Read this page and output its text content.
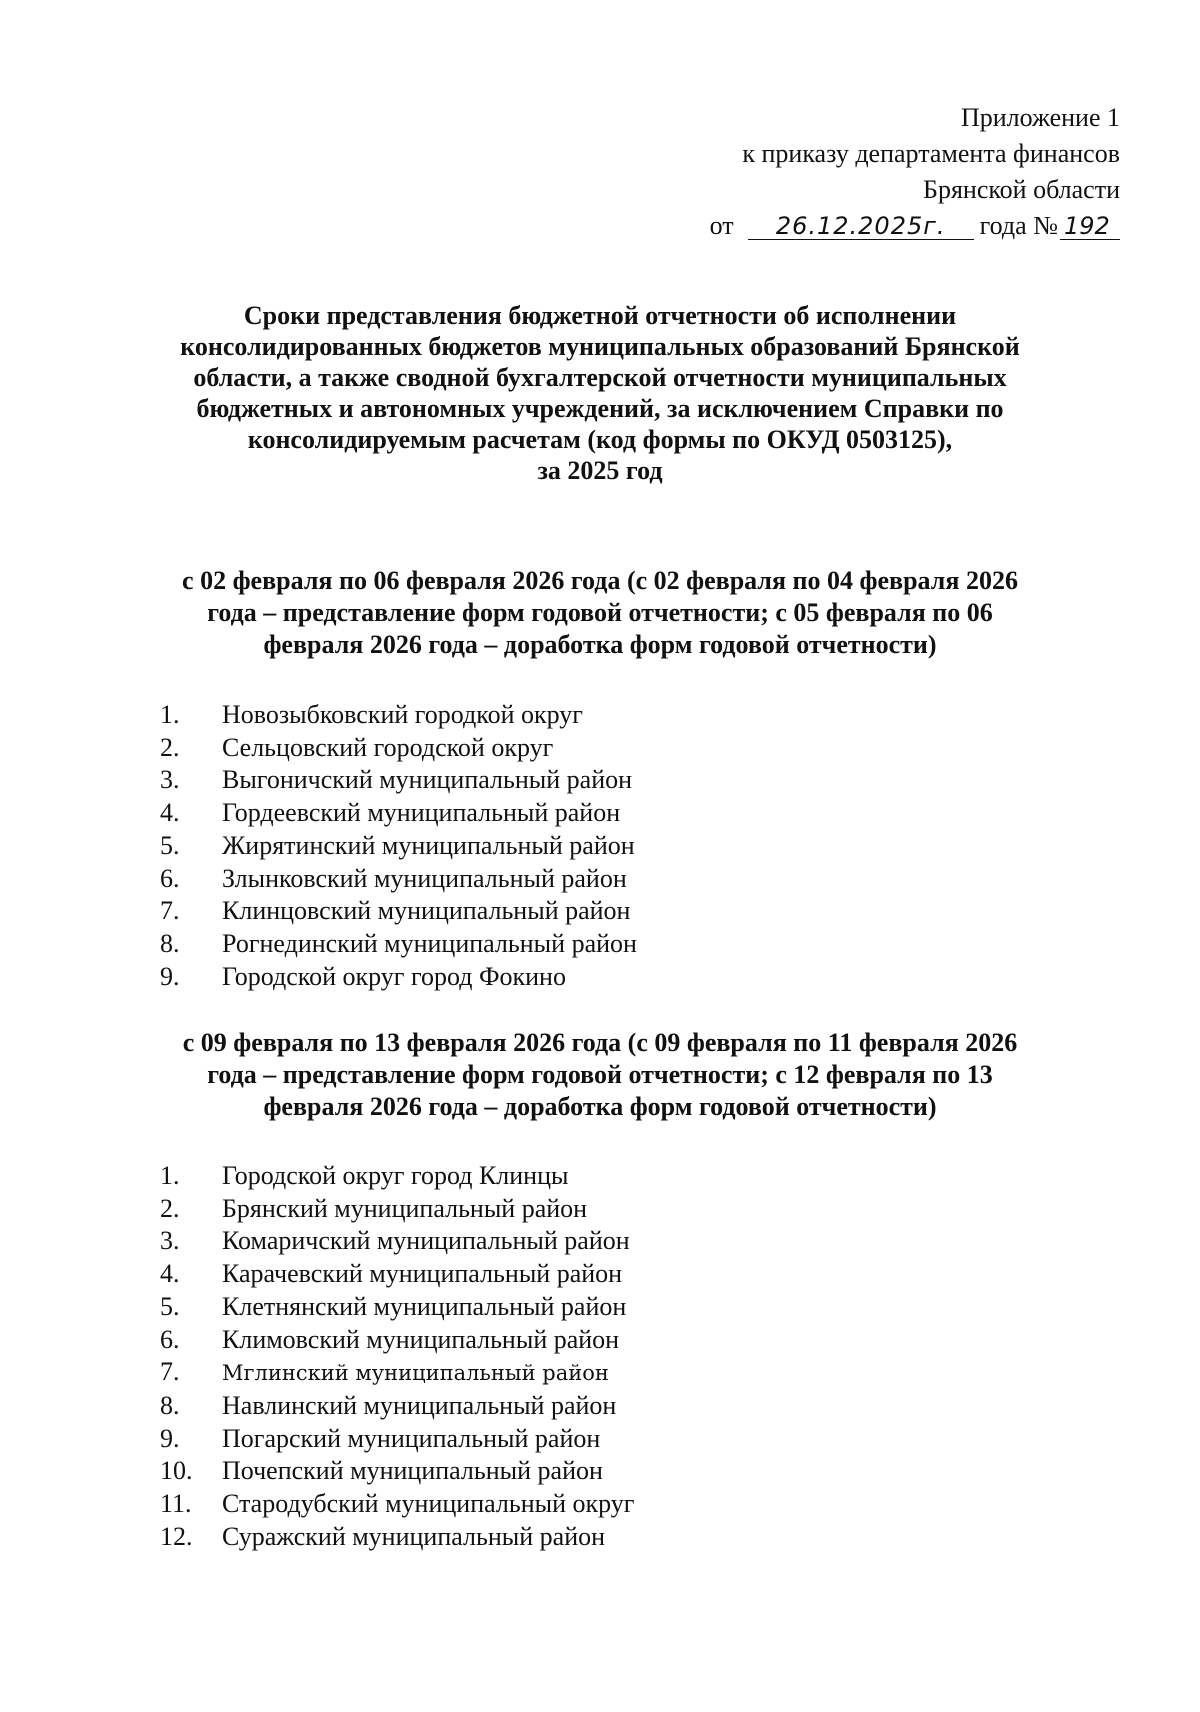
Приложение 1
к приказу департамента финансов
Брянской области
от 26.12.2025г. года № 192
Сроки представления бюджетной отчетности об исполнении
консолидированных бюджетов муниципальных образований Брянской
области, а также сводной бухгалтерской отчетности муниципальных
бюджетных и автономных учреждений, за исключением Справки по
консолидируемым расчетам (код формы по ОКУД 0503125),
за 2025 год
с 02 февраля по 06 февраля 2026 года (с 02 февраля по 04 февраля 2026
года – представление форм годовой отчетности; с 05 февраля по 06
февраля 2026 года – доработка форм годовой отчетности)
1. Новозыбковский городкой округ
2. Сельцовский городской округ
3. Выгоничский муниципальный район
4. Гордеевский муниципальный район
5. Жирятинский муниципальный район
6. Злынковский муниципальный район
7. Клинцовский муниципальный район
8. Рогнединский муниципальный район
9. Городской округ город Фокино
с 09 февраля по 13 февраля 2026 года (с 09 февраля по 11 февраля 2026
года – представление форм годовой отчетности; с 12 февраля по 13
февраля 2026 года – доработка форм годовой отчетности)
1. Городской округ город Клинцы
2. Брянский муниципальный район
3. Комаричский муниципальный район
4. Карачевский муниципальный район
5. Клетнянский муниципальный район
6. Климовский муниципальный район
7. Мглинский муниципальный район
8. Навлинский муниципальный район
9. Погарский муниципальный район
10. Почепский муниципальный район
11. Стародубский муниципальный округ
12. Суражский муниципальный район
